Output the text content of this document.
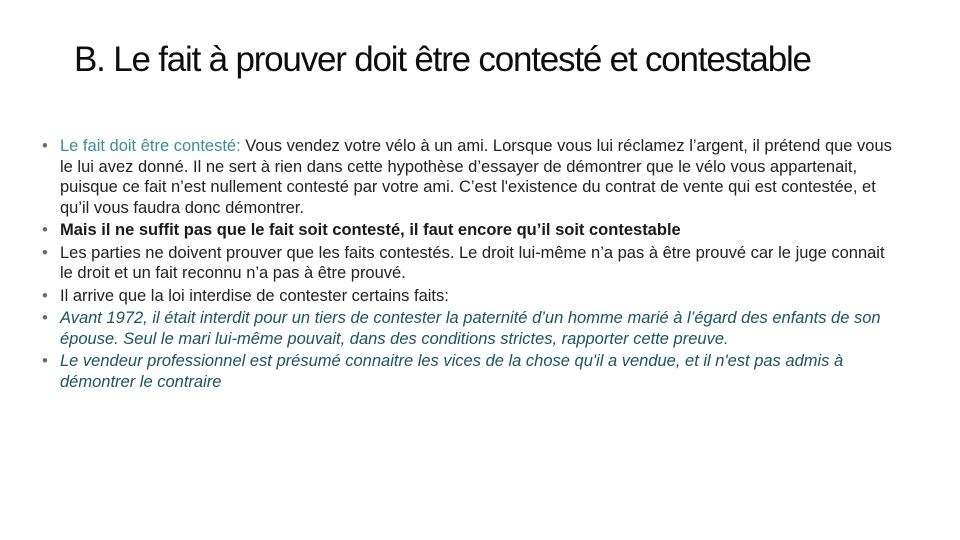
B. Le fait à prouver doit être contesté et contestable
• Le fait doit être contesté: Vous vendez votre vélo à un ami. Lorsque vous lui réclamez l’argent, il prétend que vous le lui avez donné. Il ne sert à rien dans cette hypothèse d’essayer de démontrer que le vélo vous appartenait, puisque ce fait n’est nullement contesté par votre ami. C’est l'existence du contrat de vente qui est contestée, et qu’il vous faudra donc démontrer.
• Mais il ne suffit pas que le fait soit contesté, il faut encore qu’il soit contestable
• Les parties ne doivent prouver que les faits contestés. Le droit lui-même n’a pas à être prouvé car le juge connait le droit et un fait reconnu n’a pas à être prouvé.
• Il arrive que la loi interdise de contester certains faits:
• Avant 1972, il était interdit pour un tiers de contester la paternité d’un homme marié à l’égard des enfants de son épouse. Seul le mari lui-même pouvait, dans des conditions strictes, rapporter cette preuve.
• Le vendeur professionnel est présumé connaitre les vices de la chose qu'il a vendue, et il n'est pas admis à démontrer le contraire
